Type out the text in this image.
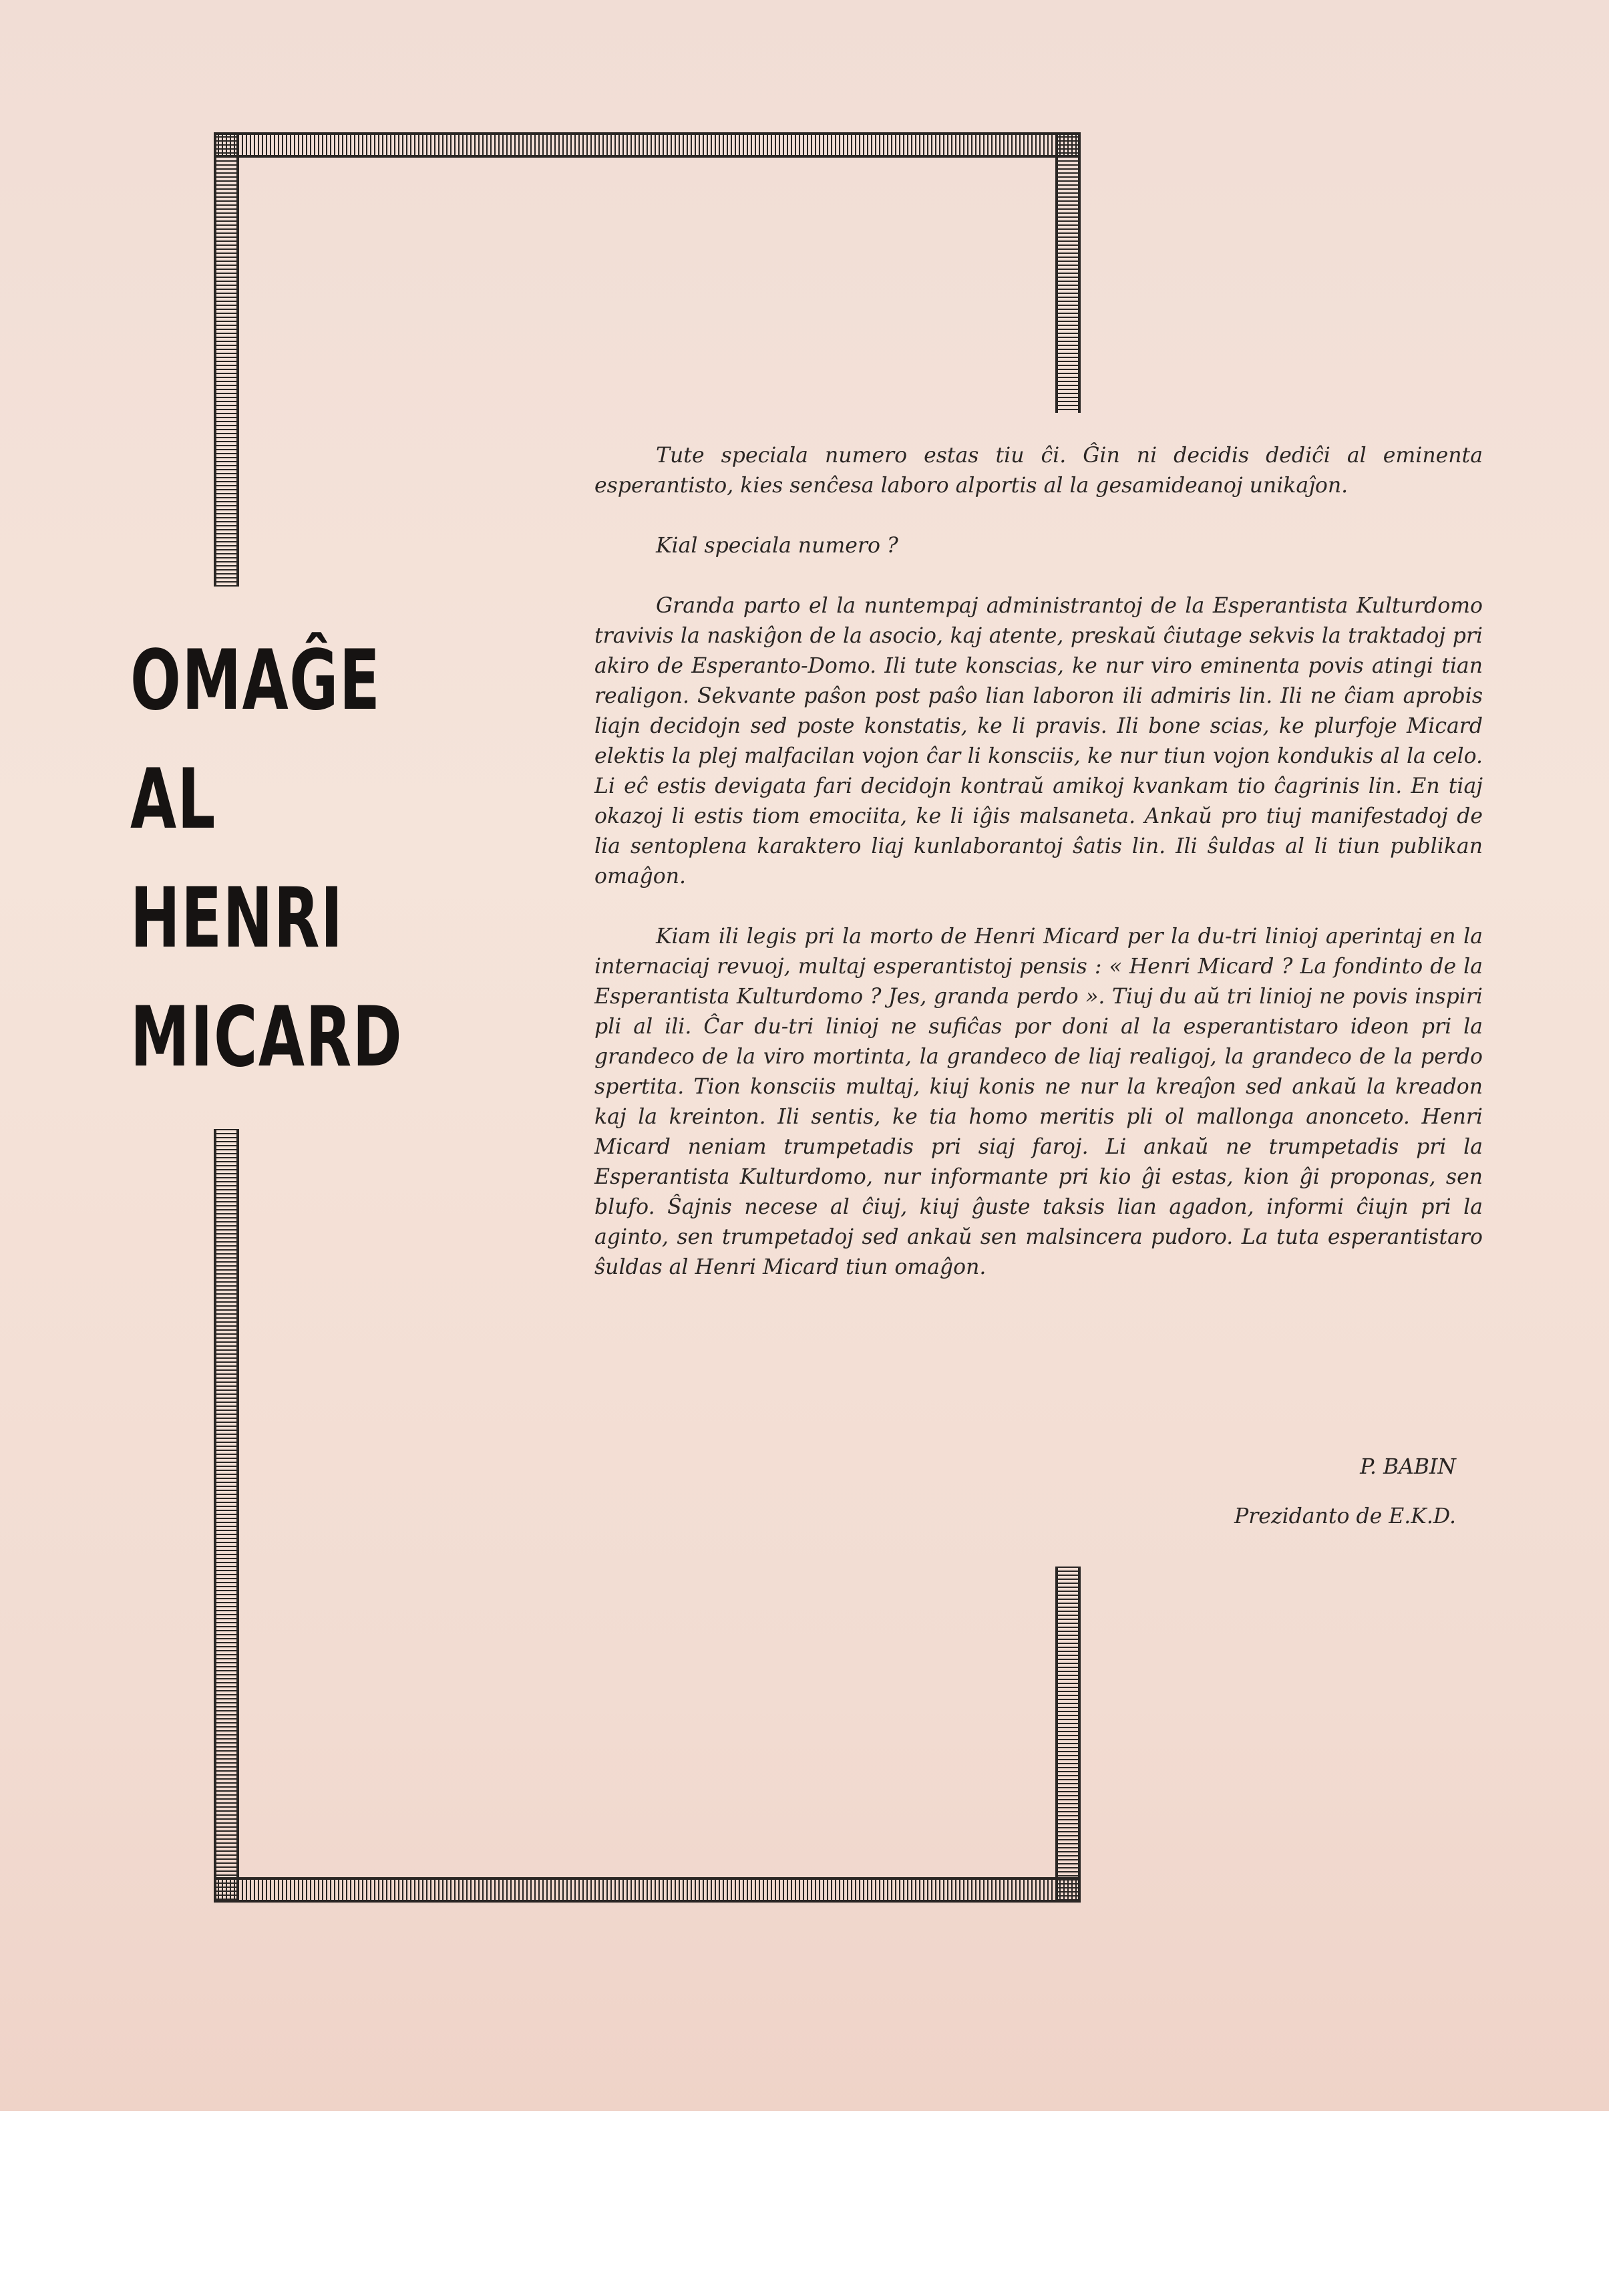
OMAĜE
AL
HENRI
MICARD

Tute speciala numero estas tiu ĉi. Ĝin ni decidis dediĉi al eminenta esperantisto, kies senĉesa laboro alportis al la gesamideanoj unikaĵon.

Kial speciala numero ?

Granda parto el la nuntempaj administrantoj de la Esperantista Kulturdomo travivis la naskiĝon de la asocio, kaj atente, preskaŭ ĉiutage sekvis la traktadoj pri akiro de Esperanto-Domo. Ili tute konscias, ke nur viro eminenta povis atingi tian realigon. Sekvante paŝon post paŝo lian laboron ili admiris lin. Ili ne ĉiam aprobis liajn decidojn sed poste konstatis, ke li pravis. Ili bone scias, ke plurfoje Micard elektis la plej malfacilan vojon ĉar li konsciis, ke nur tiun vojon kondukis al la celo. Li eĉ estis devigata fari decidojn kontraŭ amikoj kvankam tio ĉagrinis lin. En tiaj okazoj li estis tiom emociita, ke li iĝis malsaneta. Ankaŭ pro tiuj manifestadoj de lia sentoplena karaktero liaj kunlaborantoj ŝatis lin. Ili ŝuldas al li tiun publikan omaĝon.

Kiam ili legis pri la morto de Henri Micard per la du-tri linioj aperintaj en la internaciaj revuoj, multaj esperantistoj pensis : « Henri Micard ? La fondinto de la Esperantista Kulturdomo ? Jes, granda perdo ». Tiuj du aŭ tri linioj ne povis inspiri pli al ili. Ĉar du-tri linioj ne sufiĉas por doni al la esperantistaro ideon pri la grandeco de la viro mortinta, la grandeco de liaj realigoj, la grandeco de la perdo spertita. Tion konsciis multaj, kiuj konis ne nur la kreaĵon sed ankaŭ la kreadon kaj la kreinton. Ili sentis, ke tia homo meritis pli ol mallonga anonceto. Henri Micard neniam trumpetadis pri siaj faroj. Li ankaŭ ne trumpetadis pri la Esperantista Kulturdomo, nur informante pri kio ĝi estas, kion ĝi proponas, sen blufo. Ŝajnis necese al ĉiuj, kiuj ĝuste taksis lian agadon, informi ĉiujn pri la aginto, sen trumpetadoj sed ankaŭ sen malsincera pudoro. La tuta esperantistaro ŝuldas al Henri Micard tiun omaĝon.

P. BABIN
Prezidanto de E.K.D.
